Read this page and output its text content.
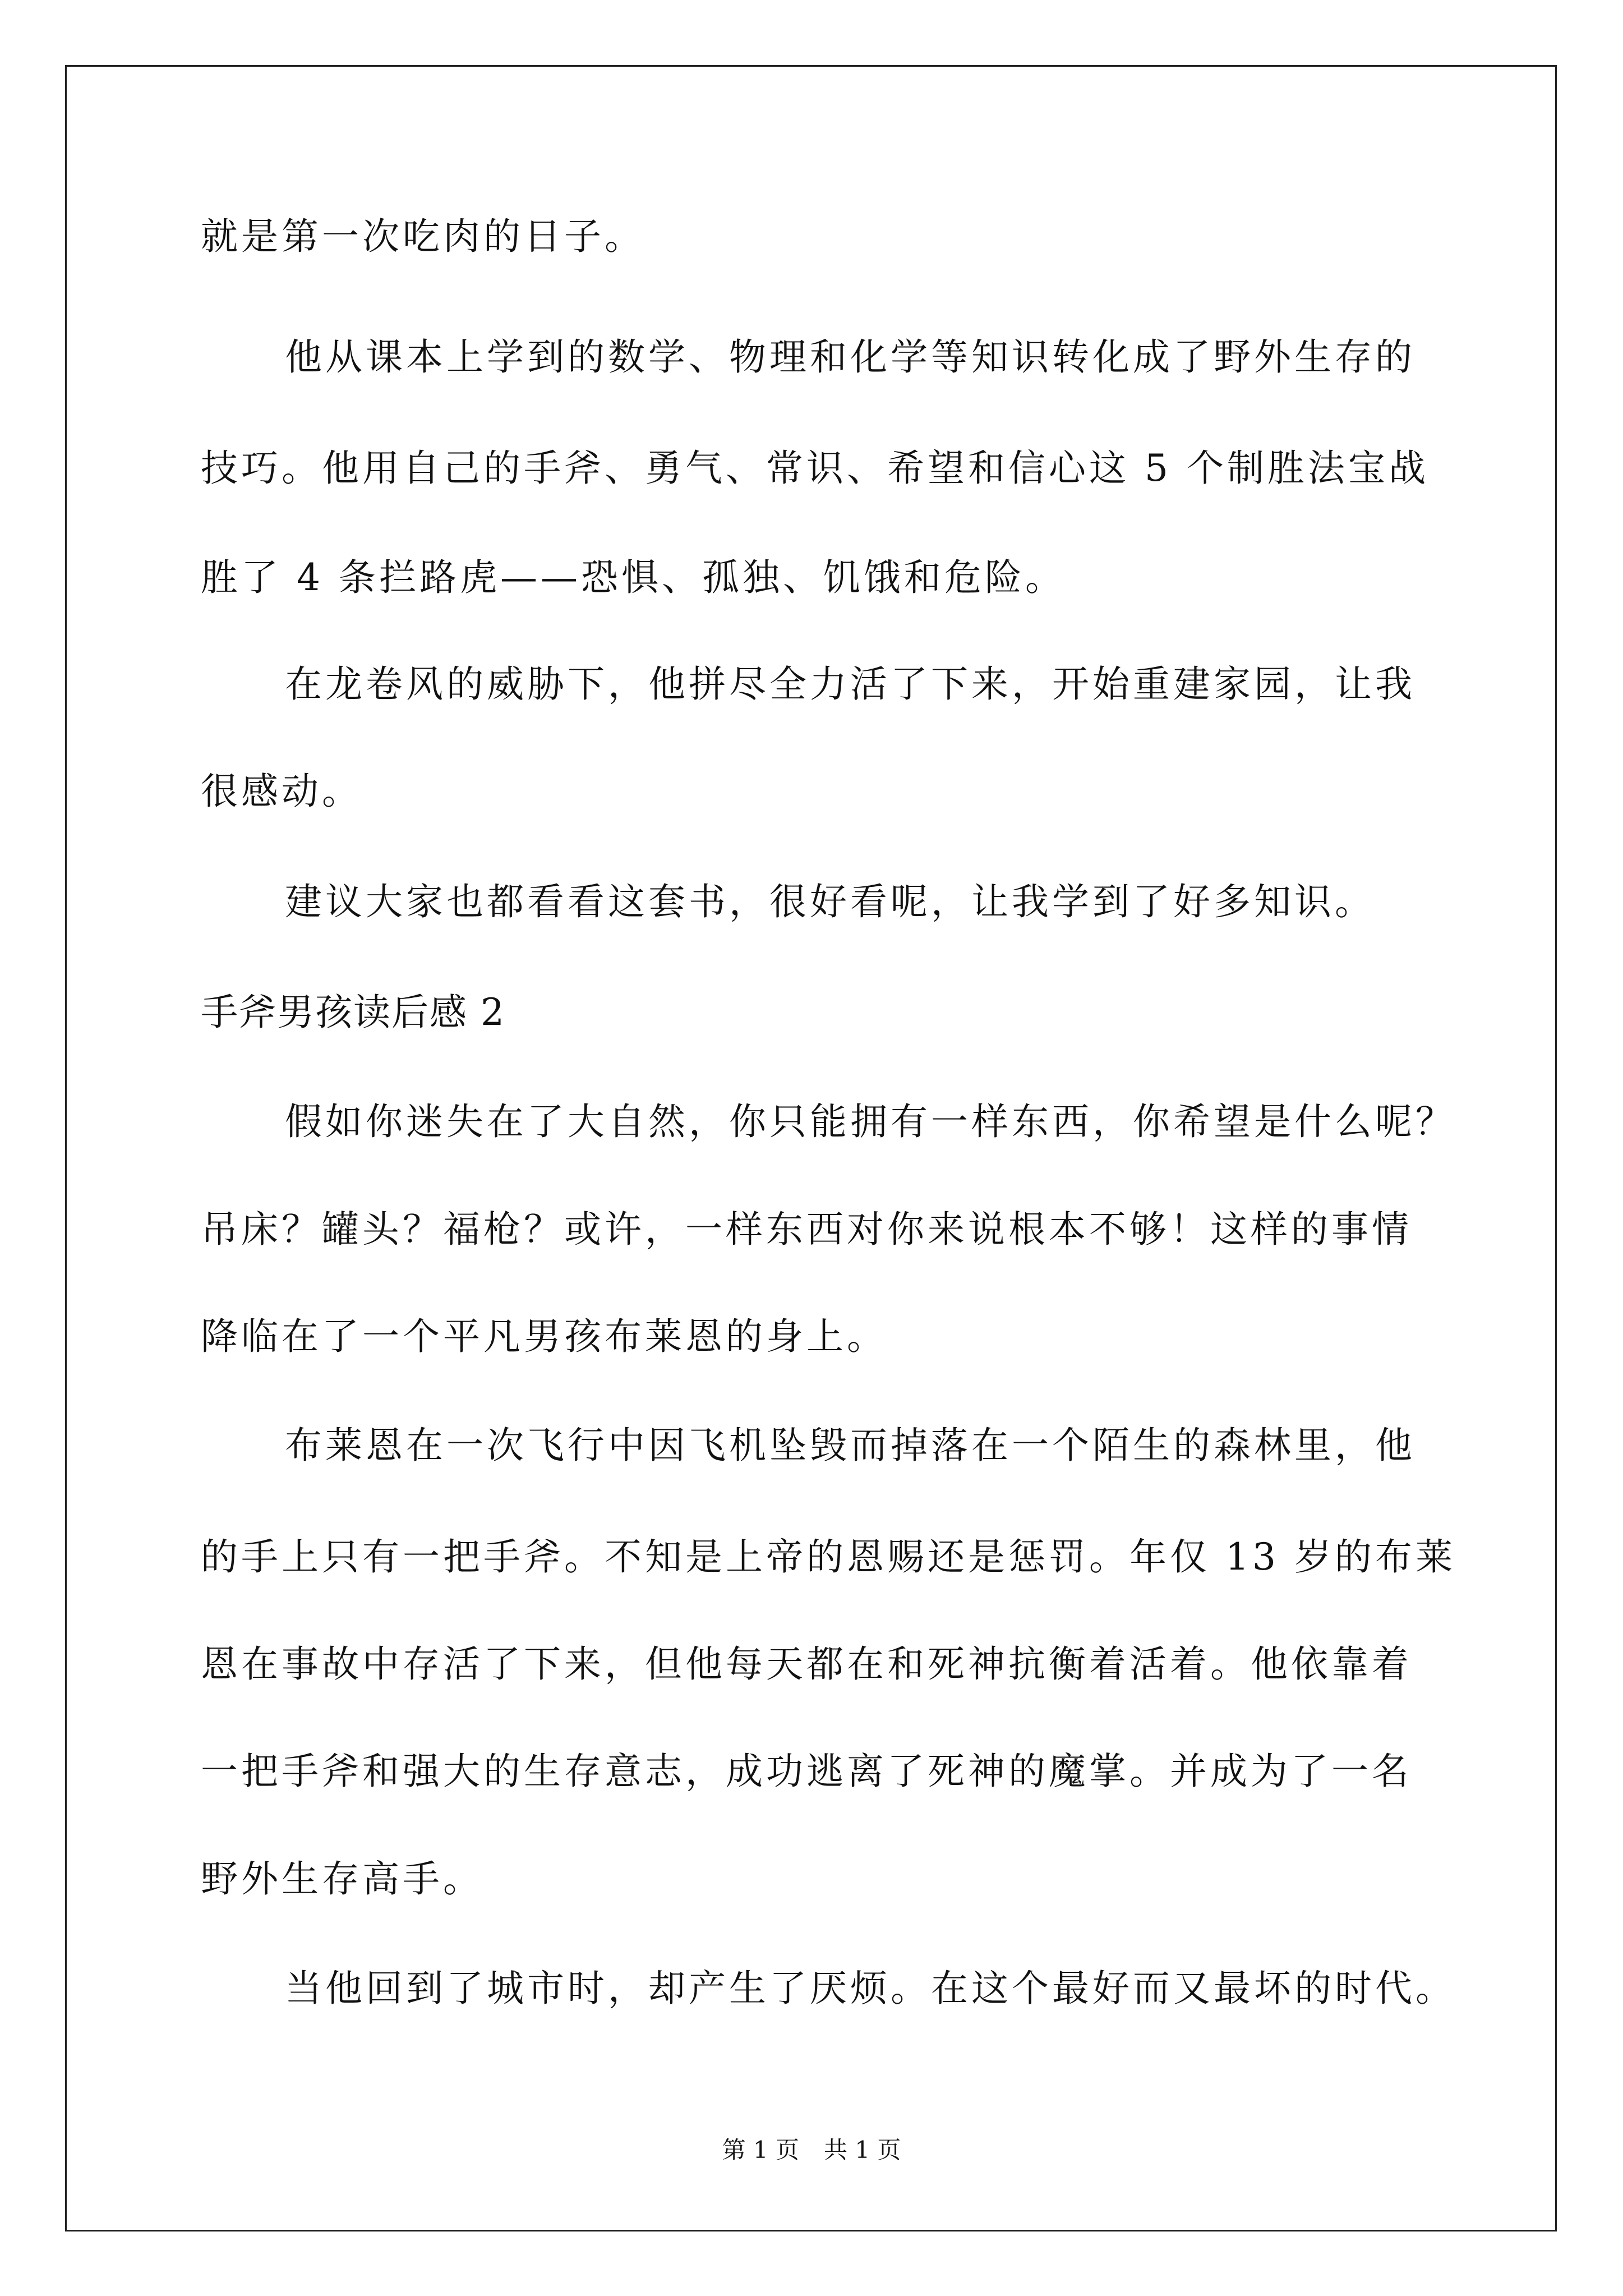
就是第一次吃肉的日子。
他从课本上学到的数学、物理和化学等知识转化成了野外生存的
技巧。他用自己的手斧、勇气、常识、希望和信心这 5 个制胜法宝战
胜了 4 条拦路虎——恐惧、孤独、饥饿和危险。
在龙卷风的威胁下，他拼尽全力活了下来，开始重建家园，让我
很感动。
建议大家也都看看这套书，很好看呢，让我学到了好多知识。
手斧男孩读后感 2
假如你迷失在了大自然，你只能拥有一样东西，你希望是什么呢？
吊床？罐头？福枪？或许，一样东西对你来说根本不够！这样的事情
降临在了一个平凡男孩布莱恩的身上。
布莱恩在一次飞行中因飞机坠毁而掉落在一个陌生的森林里，他
的手上只有一把手斧。不知是上帝的恩赐还是惩罚。年仅 13 岁的布莱
恩在事故中存活了下来，但他每天都在和死神抗衡着活着。他依靠着
一把手斧和强大的生存意志，成功逃离了死神的魔掌。并成为了一名
野外生存高手。
当他回到了城市时，却产生了厌烦。在这个最好而又最坏的时代。
第 1 页 共 1 页
